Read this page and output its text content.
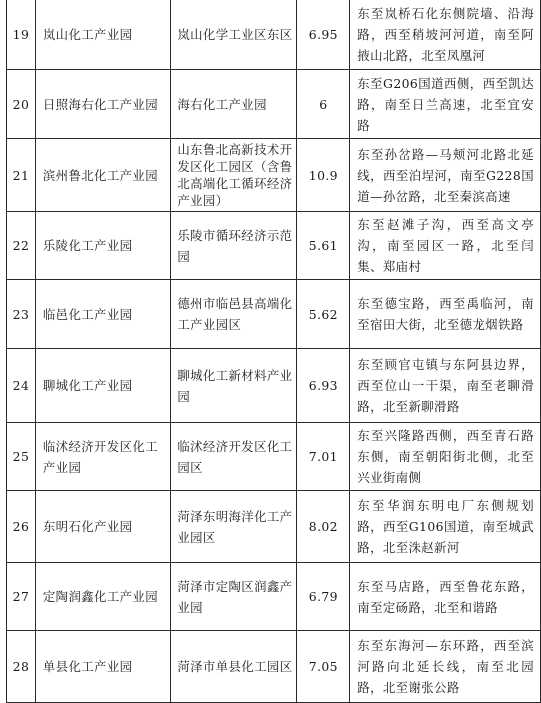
19	岚山化工产业园	岚山化学工业区东区	6.95	东至岚桥石化东侧院墙、沿海路，西至稍坡河河道，南至阿掖山北路，北至凤凰河

20	日照海右化工产业园	海右化工产业园	6	东至G206国道西侧，西至凯达路，南至日兰高速，北至宜安路

21	滨州鲁北化工产业园	山东鲁北高新技术开发区化工园区（含鲁北高端化工循环经济产业园）	10.9	东至孙岔路—马颊河北路北延线，西至泊埕河，南至G228国道—孙岔路，北至秦滨高速

22	乐陵化工产业园	乐陵市循环经济示范园	5.61	东至赵滩子沟，西至高文亭沟，南至园区一路，北至闫集、郑庙村

23	临邑化工产业园	德州市临邑县高端化工产业园区	5.62	东至德宝路，西至禹临河，南至宿田大街，北至德龙烟铁路

24	聊城化工产业园	聊城化工新材料产业园	6.93	东至顾官屯镇与东阿县边界，西至位山一干渠，南至老聊滑路，北至新聊滑路

25	临沭经济开发区化工产业园	临沭经济开发区化工园区	7.01	东至兴隆路西侧，西至青石路东侧，南至朝阳街北侧，北至兴业街南侧

26	东明石化产业园	菏泽东明海洋化工产业园区	8.02	东至华润东明电厂东侧规划路，西至G106国道，南至城武路，北至洙赵新河

27	定陶润鑫化工产业园	菏泽市定陶区润鑫产业园	6.79	东至马店路，西至鲁花东路，南至定砀路，北至和谐路

28	单县化工产业园	菏泽市单县化工园区	7.05	东至东海河—东环路，西至滨河路向北延长线，南至北园路，北至谢张公路
